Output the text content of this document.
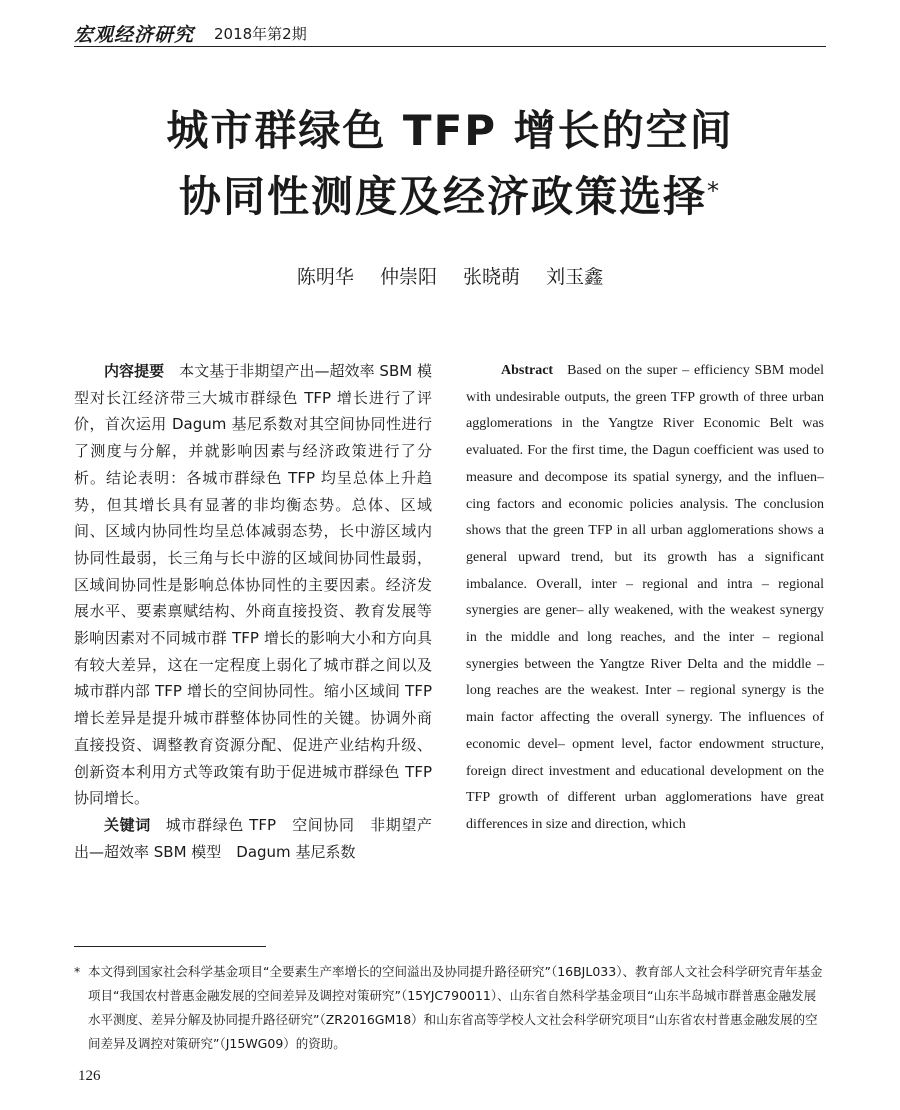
宏观经济研究 2018年第2期
城市群绿色 TFP 增长的空间
协同性测度及经济政策选择*
陈明华 仲崇阳 张晓萌 刘玉鑫

内容提要 本文基于非期望产出—超效率 SBM 模型对长江经济带三大城市群绿色 TFP 增长进行了评价，首次运用 Dagum 基尼系数对其空间协同性进行了测度与分解，并就影响因素与经济政策进行了分析。结论表明：各城市群绿色 TFP 均呈总体上升趋势，但其增长具有显著的非均衡态势。总体、区域间、区域内协同性均呈总体减弱态势，长中游区域内协同性最弱，长三角与长中游的区域间协同性最弱，区域间协同性是影响总体协同性的主要因素。经济发展水平、要素禀赋结构、外商直接投资、教育发展等影响因素对不同城市群 TFP 增长的影响大小和方向具有较大差异，这在一定程度上弱化了城市群之间以及城市群内部 TFP 增长的空间协同性。缩小区域间 TFP 增长差异是提升城市群整体协同性的关键。协调外商直接投资、调整教育资源分配、促进产业结构升级、创新资本利用方式等政策有助于促进城市群绿色 TFP 协同增长。

关键词 城市群绿色 TFP　空间协同　非期望产出—超效率 SBM 模型　Dagum 基尼系数

Abstract Based on the super – efficiency SBM model with undesirable outputs, the green TFP growth of three urban agglomerations in the Yangtze River Economic Belt was evaluated. For the first time, the Dagun coefficient was used to measure and decompose its spatial synergy, and the influen– cing factors and economic policies analysis. The conclusion shows that the green TFP in all urban agglomerations shows a general upward trend, but its growth has a significant imbalance. Overall, inter – regional and intra – regional synergies are gener– ally weakened, with the weakest synergy in the middle and long reaches, and the inter – regional synergies between the Yangtze River Delta and the middle – long reaches are the weakest. Inter – regional synergy is the main factor affecting the overall synergy. The influences of economic devel– opment level, factor endowment structure, foreign direct investment and educational development on the TFP growth of different urban agglomerations have great differences in size and direction, which

* 本文得到国家社会科学基金项目“全要素生产率增长的空间溢出及协同提升路径研究”（16BJL033）、教育部人文社会科学研究青年基金项目“我国农村普惠金融发展的空间差异及调控对策研究”（15YJC790011）、山东省自然科学基金项目“山东半岛城市群普惠金融发展水平测度、差异分解及协同提升路径研究”（ZR2016GM18）和山东省高等学校人文社会科学研究项目“山东省农村普惠金融发展的空间差异及调控对策研究”（J15WG09）的资助。
126
